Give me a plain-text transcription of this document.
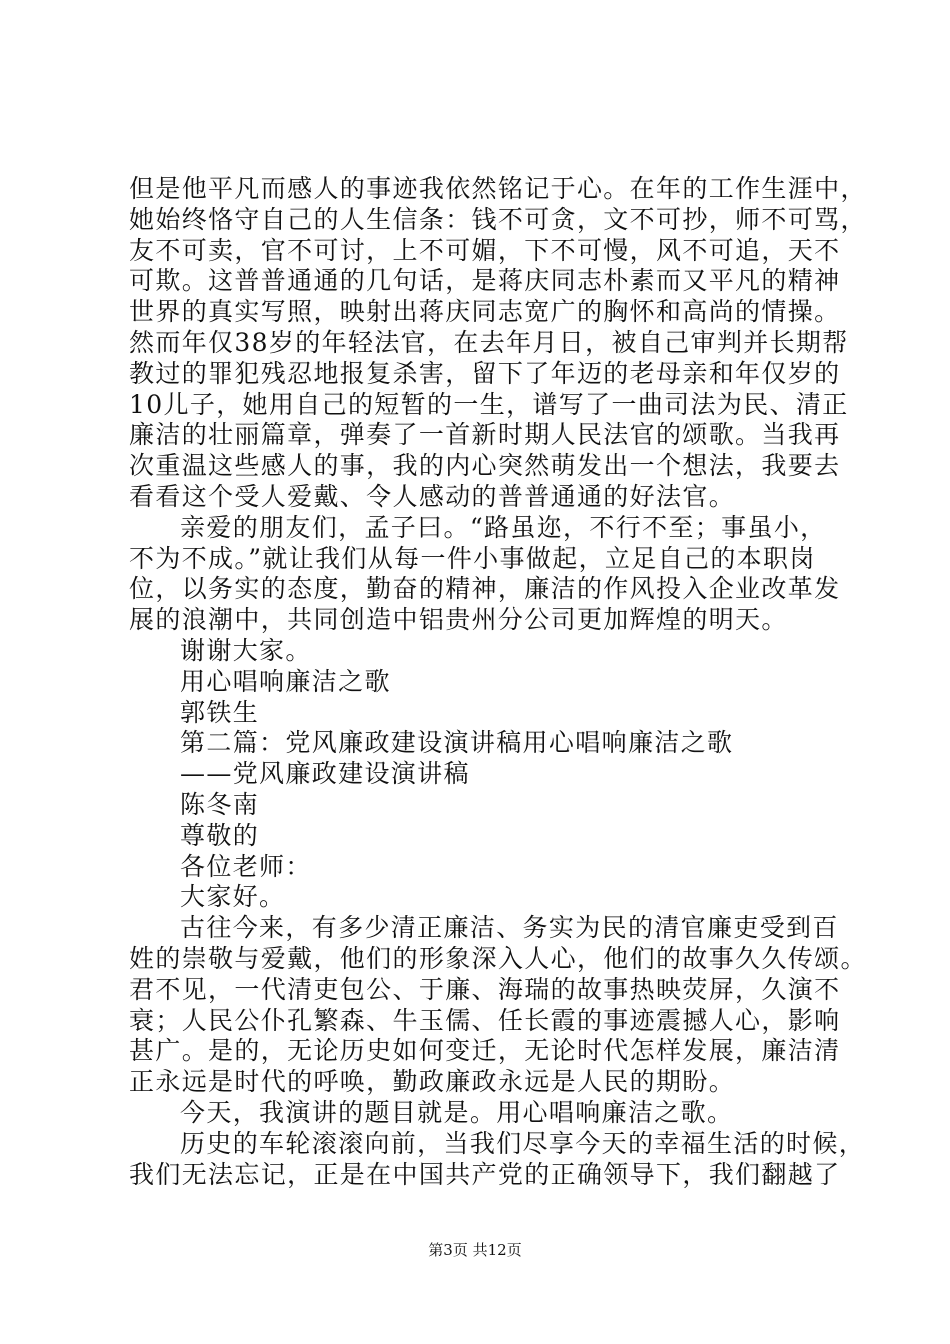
但是他平凡而感人的事迹我依然铭记于心。在年的工作生涯中，
她始终恪守自己的人生信条：钱不可贪，文不可抄，师不可骂，
友不可卖，官不可讨，上不可媚，下不可慢，风不可追，天不
可欺。这普普通通的几句话，是蒋庆同志朴素而又平凡的精神
世界的真实写照，映射出蒋庆同志宽广的胸怀和高尚的情操。
然而年仅38岁的年轻法官，在去年月日，被自己审判并长期帮
教过的罪犯残忍地报复杀害，留下了年迈的老母亲和年仅岁的
10儿子，她用自己的短暂的一生，谱写了一曲司法为民、清正
廉洁的壮丽篇章，弹奏了一首新时期人民法官的颂歌。当我再
次重温这些感人的事，我的内心突然萌发出一个想法，我要去
看看这个受人爱戴、令人感动的普普通通的好法官。
亲爱的朋友们，孟子曰。“路虽迩，不行不至；事虽小，
不为不成。”就让我们从每一件小事做起，立足自己的本职岗
位，以务实的态度，勤奋的精神，廉洁的作风投入企业改革发
展的浪潮中，共同创造中铝贵州分公司更加辉煌的明天。
谢谢大家。
用心唱响廉洁之歌
郭铁生
第二篇：党风廉政建设演讲稿用心唱响廉洁之歌
——党风廉政建设演讲稿
陈冬南
尊敬的
各位老师：
大家好。
古往今来，有多少清正廉洁、务实为民的清官廉吏受到百
姓的崇敬与爱戴，他们的形象深入人心，他们的故事久久传颂。
君不见，一代清吏包公、于廉、海瑞的故事热映荧屏，久演不
衰；人民公仆孔繁森、牛玉儒、任长霞的事迹震撼人心，影响
甚广。是的，无论历史如何变迁，无论时代怎样发展，廉洁清
正永远是时代的呼唤，勤政廉政永远是人民的期盼。
今天，我演讲的题目就是。用心唱响廉洁之歌。
历史的车轮滚滚向前，当我们尽享今天的幸福生活的时候，
我们无法忘记，正是在中国共产党的正确领导下，我们翻越了
第3页 共12页
